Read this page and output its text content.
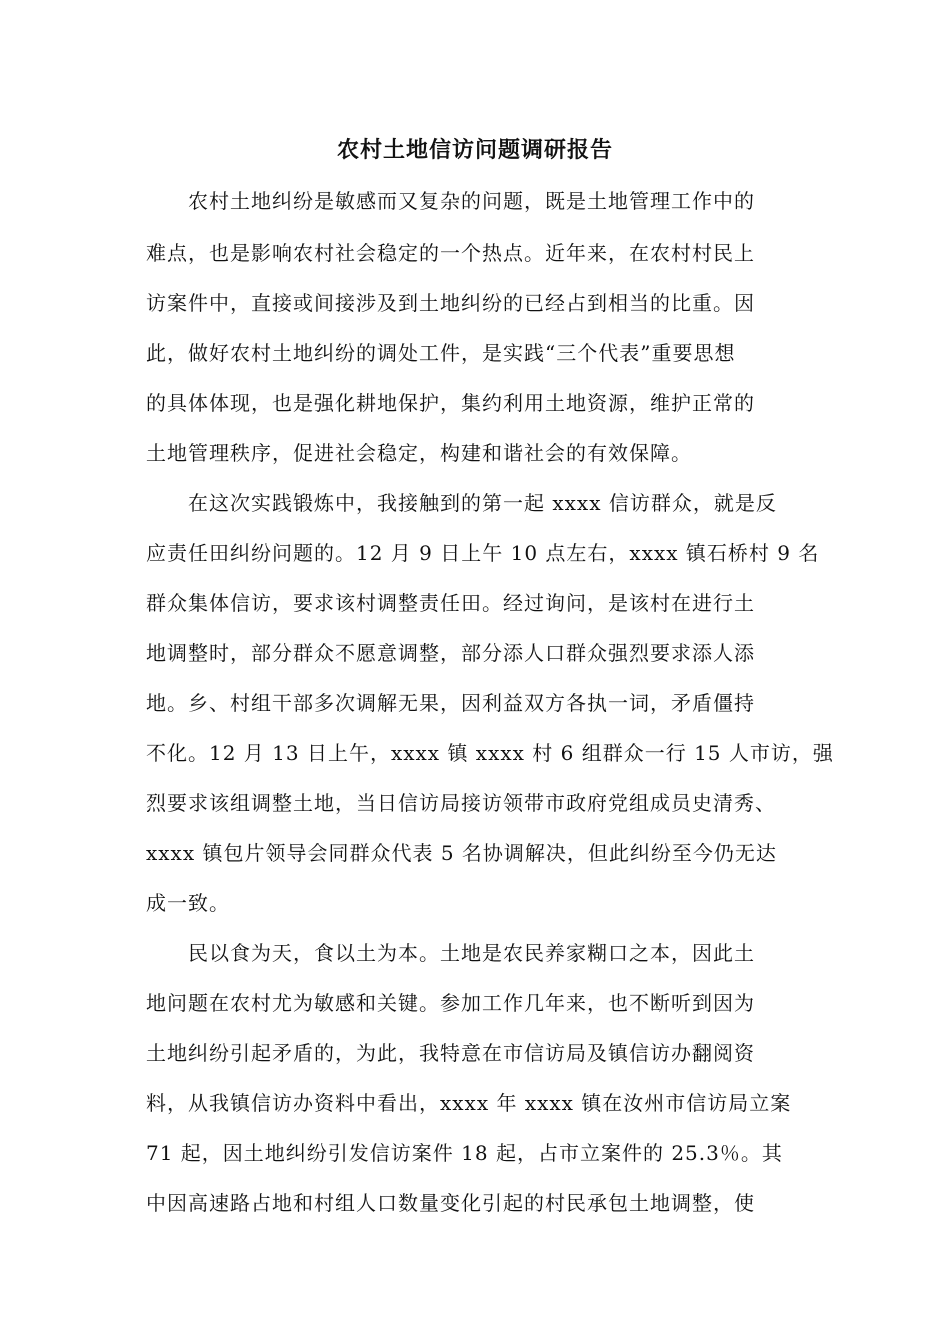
农村土地信访问题调研报告
农村土地纠纷是敏感而又复杂的问题，既是土地管理工作中的
难点，也是影响农村社会稳定的一个热点。近年来，在农村村民上
访案件中，直接或间接涉及到土地纠纷的已经占到相当的比重。因
此，做好农村土地纠纷的调处工件，是实践“三个代表”重要思想
的具体体现，也是强化耕地保护，集约利用土地资源，维护正常的
土地管理秩序，促进社会稳定，构建和谐社会的有效保障。
在这次实践锻炼中，我接触到的第一起 xxxx 信访群众，就是反
应责任田纠纷问题的。12 月 9 日上午 10 点左右，xxxx 镇石桥村 9 名
群众集体信访，要求该村调整责任田。经过询问，是该村在进行土
地调整时，部分群众不愿意调整，部分添人口群众强烈要求添人添
地。乡、村组干部多次调解无果，因利益双方各执一词，矛盾僵持
不化。12 月 13 日上午，xxxx 镇 xxxx 村 6 组群众一行 15 人市访，强
烈要求该组调整土地，当日信访局接访领带市政府党组成员史清秀、
xxxx 镇包片领导会同群众代表 5 名协调解决，但此纠纷至今仍无达
成一致。
民以食为天，食以土为本。土地是农民养家糊口之本，因此土
地问题在农村尤为敏感和关键。参加工作几年来，也不断听到因为
土地纠纷引起矛盾的，为此，我特意在市信访局及镇信访办翻阅资
料，从我镇信访办资料中看出，xxxx 年 xxxx 镇在汝州市信访局立案
71 起，因土地纠纷引发信访案件 18 起，占市立案件的 25.3％。其
中因高速路占地和村组人口数量变化引起的村民承包土地调整，使
